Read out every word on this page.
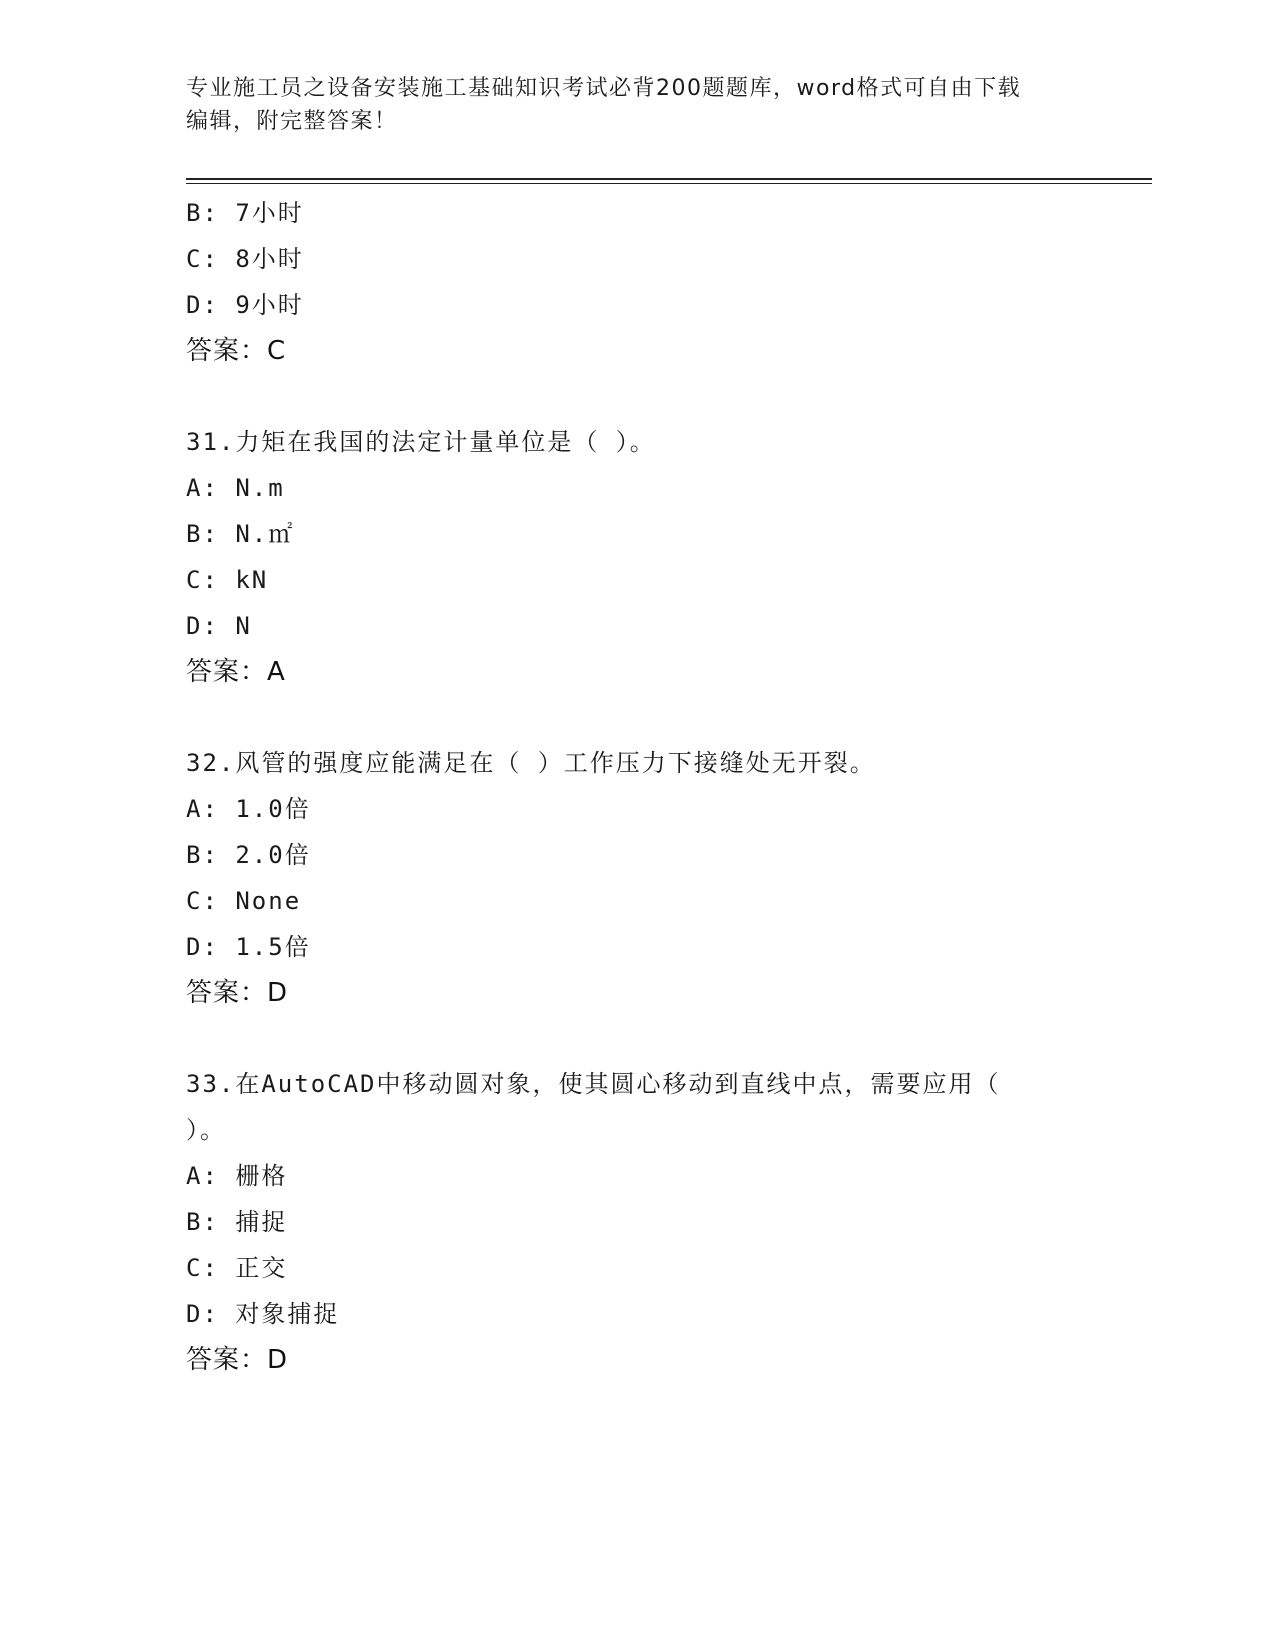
专业施工员之设备安装施工基础知识考试必背200题题库，word格式可自由下载
编辑，附完整答案！
B: 7小时
C: 8小时
D: 9小时
答案：C
31.力矩在我国的法定计量单位是（ ）。
A: N.m
B: N.㎡
C: kN
D: N
答案：A
32.风管的强度应能满足在（ ）工作压力下接缝处无开裂。
A: 1.0倍
B: 2.0倍
C: None
D: 1.5倍
答案：D
33.在AutoCAD中移动圆对象，使其圆心移动到直线中点，需要应用（
）。
A: 栅格
B: 捕捉
C: 正交
D: 对象捕捉
答案：D
